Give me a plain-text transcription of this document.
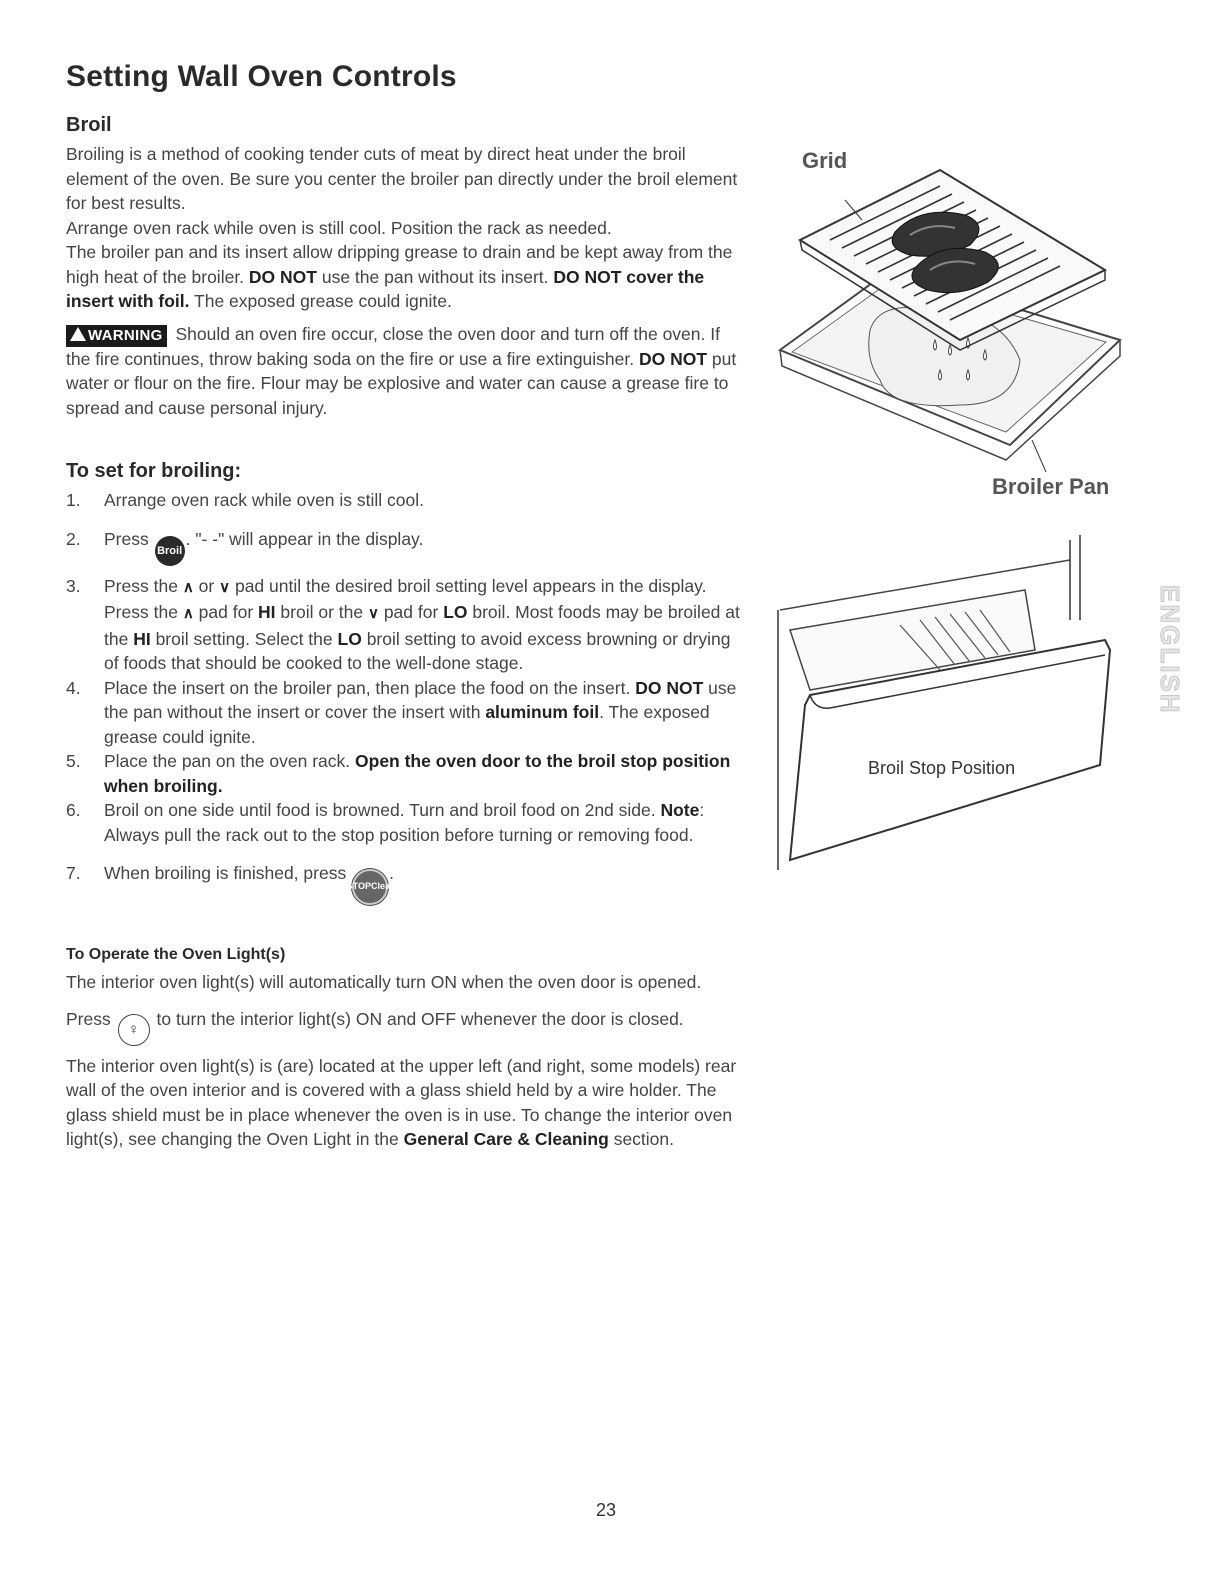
Setting Wall Oven Controls
Broil

Broiling is a method of cooking tender cuts of meat by direct heat under the broil element of the oven. Be sure you center the broiler pan directly under the broil element for best results.

Arrange oven rack while oven is still cool. Position the rack as needed.

The broiler pan and its insert allow dripping grease to drain and be kept away from the high heat of the broiler. DO NOT use the pan without its insert. DO NOT cover the insert with foil. The exposed grease could ignite.

WARNING Should an oven fire occur, close the oven door and turn off the oven. If the fire continues, throw baking soda on the fire or use a fire extinguisher. DO NOT put water or flour on the fire. Flour may be explosive and water can cause a grease fire to spread and cause personal injury.

To set for broiling:
1. Arrange oven rack while oven is still cool.
2. Press Broil. "- -" will appear in the display.
3. Press the ∧ or ∨ pad until the desired broil setting level appears in the display. Press the ∧ pad for HI broil or the ∨ pad for LO broil. Most foods may be broiled at the HI broil setting. Select the LO broil setting to avoid excess browning or drying of foods that should be cooked to the well-done stage.
4. Place the insert on the broiler pan, then place the food on the insert. DO NOT use the pan without the insert or cover the insert with aluminum foil. The exposed grease could ignite.
5. Place the pan on the oven rack. Open the oven door to the broil stop position when broiling.
6. Broil on one side until food is browned. Turn and broil food on 2nd side. Note: Always pull the rack out to the stop position before turning or removing food.
7. When broiling is finished, press
STOP Clear
.
To Operate the Oven Light(s)

The interior oven light(s) will automatically turn ON when the oven door is opened.

Press ♀ to turn the interior light(s) ON and OFF whenever the door is closed.

The interior oven light(s) is (are) located at the upper left (and right, some models) rear wall of the oven interior and is covered with a glass shield held by a wire holder. The glass shield must be in place whenever the oven is in use. To change the interior oven light(s), see changing the Oven Light in the General Care & Cleaning section.

Grid
Broiler Pan
Broil Stop Position
ENGLISH
23
